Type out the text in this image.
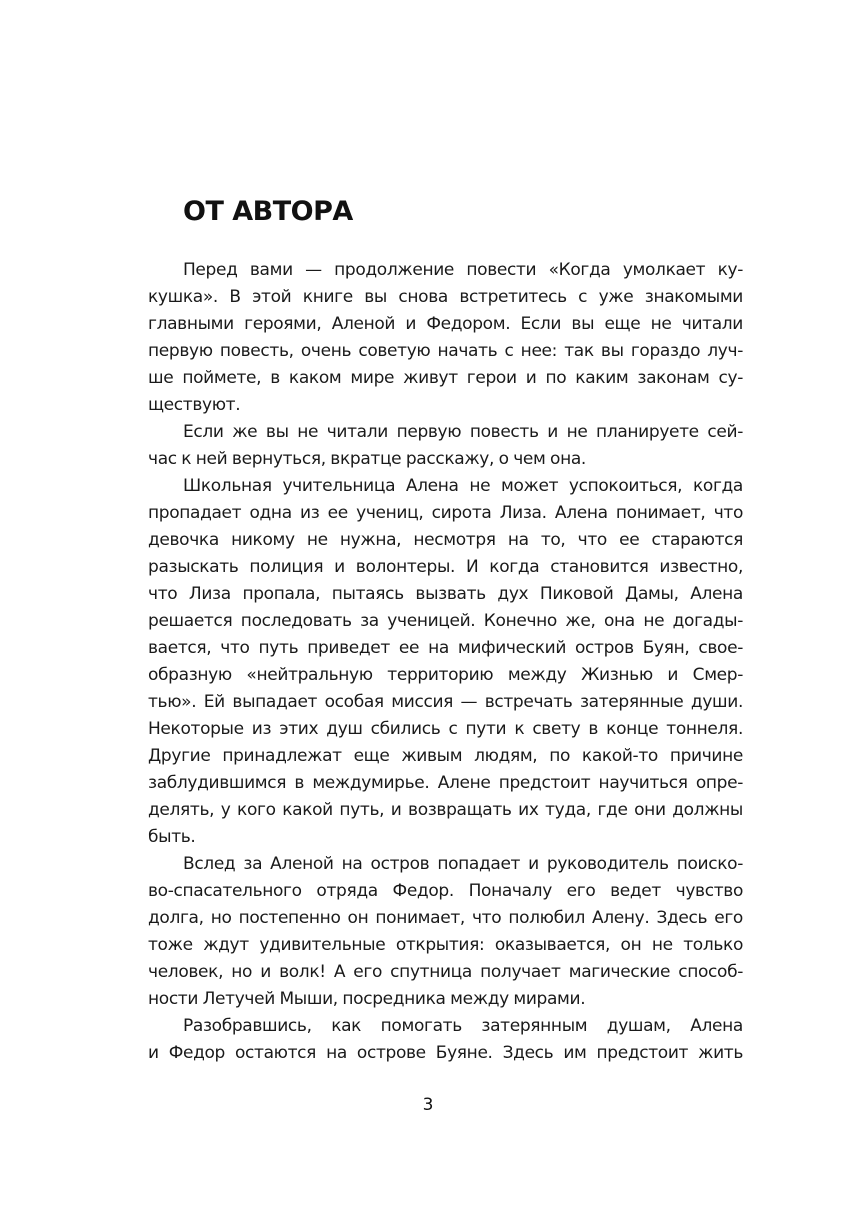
ОТ АВТОРА
Перед вами — продолжение повести «Когда умолкает ку-
кушка». В этой книге вы снова встретитесь с уже знакомыми
главными героями, Аленой и Федором. Если вы еще не читали
первую повесть, очень советую начать с нее: так вы гораздо луч-
ше поймете, в каком мире живут герои и по каким законам су-
ществуют.
Если же вы не читали первую повесть и не планируете сей-
час к ней вернуться, вкратце расскажу, о чем она.
Школьная учительница Алена не может успокоиться, когда
пропадает одна из ее учениц, сирота Лиза. Алена понимает, что
девочка никому не нужна, несмотря на то, что ее стараются
разыскать полиция и волонтеры. И когда становится известно,
что Лиза пропала, пытаясь вызвать дух Пиковой Дамы, Алена
решается последовать за ученицей. Конечно же, она не догады-
вается, что путь приведет ее на мифический остров Буян, свое-
образную «нейтральную территорию между Жизнью и Смер-
тью». Ей выпадает особая миссия — встречать затерянные души.
Некоторые из этих душ сбились с пути к свету в конце тоннеля.
Другие принадлежат еще живым людям, по какой-то причине
заблудившимся в междумирье. Алене предстоит научиться опре-
делять, у кого какой путь, и возвращать их туда, где они должны
быть.
Вслед за Аленой на остров попадает и руководитель поиско-
во-спасательного отряда Федор. Поначалу его ведет чувство
долга, но постепенно он понимает, что полюбил Алену. Здесь его
тоже ждут удивительные открытия: оказывается, он не только
человек, но и волк! А его спутница получает магические способ-
ности Летучей Мыши, посредника между мирами.
Разобравшись, как помогать затерянным душам, Алена
и Федор остаются на острове Буяне. Здесь им предстоит жить
3
